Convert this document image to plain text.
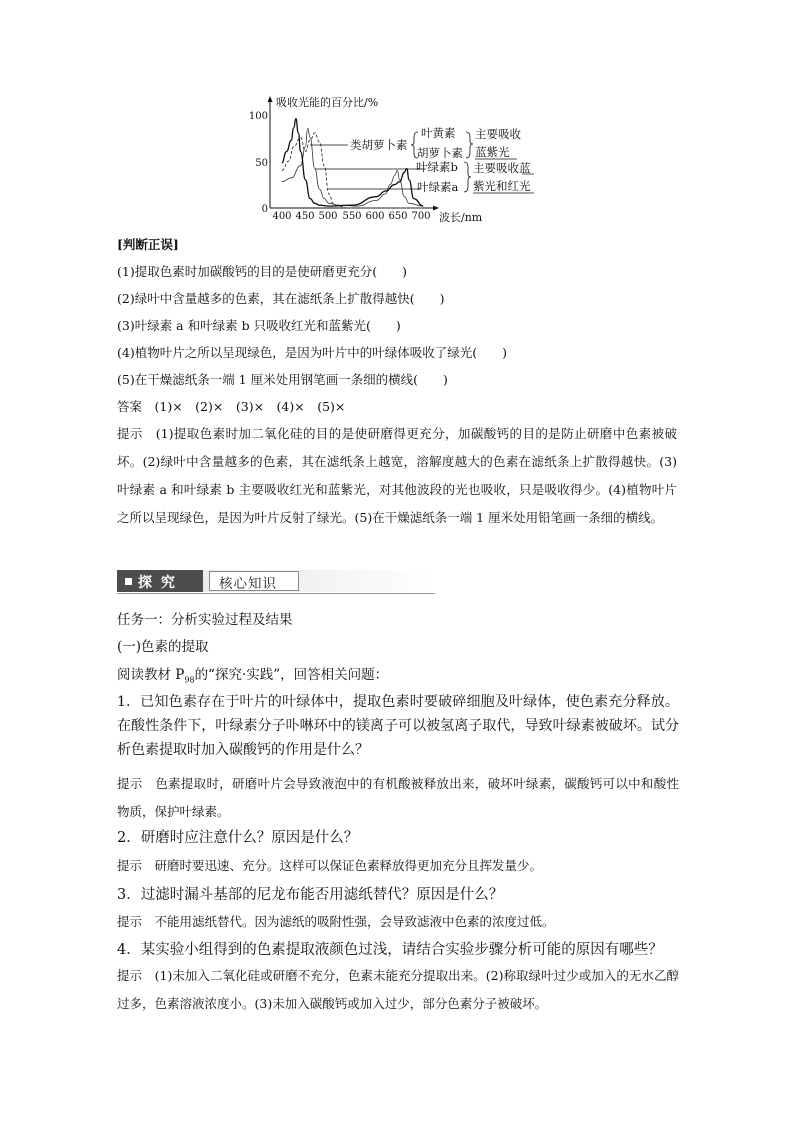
吸收光能的百分比/%
波长/nm
100
50
0
400 450 500 550 600 650 700
类胡萝卜素
叶黄素
胡萝卜素
主要吸收
蓝紫光
叶绿素b
叶绿素a
主要吸收蓝
紫光和红光
[判断正误]
(1)提取色素时加碳酸钙的目的是使研磨更充分(　　)
(2)绿叶中含量越多的色素，其在滤纸条上扩散得越快(　　)
(3)叶绿素 a 和叶绿素 b 只吸收红光和蓝紫光(　　)
(4)植物叶片之所以呈现绿色，是因为叶片中的叶绿体吸收了绿光(　　)
(5)在干燥滤纸条一端 1 厘米处用钢笔画一条细的横线(　　)
答案　(1)×　(2)×　(3)×　(4)×　(5)×
提示　(1)提取色素时加二氧化硅的目的是使研磨得更充分，加碳酸钙的目的是防止研磨中色素被破坏。(2)绿叶中含量越多的色素，其在滤纸条上越宽，溶解度越大的色素在滤纸条上扩散得越快。(3)叶绿素 a 和叶绿素 b 主要吸收红光和蓝紫光，对其他波段的光也吸收，只是吸收得少。(4)植物叶片之所以呈现绿色，是因为叶片反射了绿光。(5)在干燥滤纸条一端 1 厘米处用铅笔画一条细的横线。
探 究	核心知识
任务一：分析实验过程及结果
(一)色素的提取
阅读教材 $P_{98}$的“探究·实践”，回答相关问题：
1．已知色素存在于叶片的叶绿体中，提取色素时要破碎细胞及叶绿体，使色素充分释放。在酸性条件下，叶绿素分子卟啉环中的镁离子可以被氢离子取代，导致叶绿素被破坏。试分析色素提取时加入碳酸钙的作用是什么？
提示　色素提取时，研磨叶片会导致液泡中的有机酸被释放出来，破坏叶绿素，碳酸钙可以中和酸性物质，保护叶绿素。
2．研磨时应注意什么？原因是什么？
提示　研磨时要迅速、充分。这样可以保证色素释放得更加充分且挥发量少。
3．过滤时漏斗基部的尼龙布能否用滤纸替代？原因是什么？
提示　不能用滤纸替代。因为滤纸的吸附性强，会导致滤液中色素的浓度过低。
4．某实验小组得到的色素提取液颜色过浅，请结合实验步骤分析可能的原因有哪些？
提示　(1)未加入二氧化硅或研磨不充分，色素未能充分提取出来。(2)称取绿叶过少或加入的无水乙醇过多，色素溶液浓度小。(3)未加入碳酸钙或加入过少，部分色素分子被破坏。
